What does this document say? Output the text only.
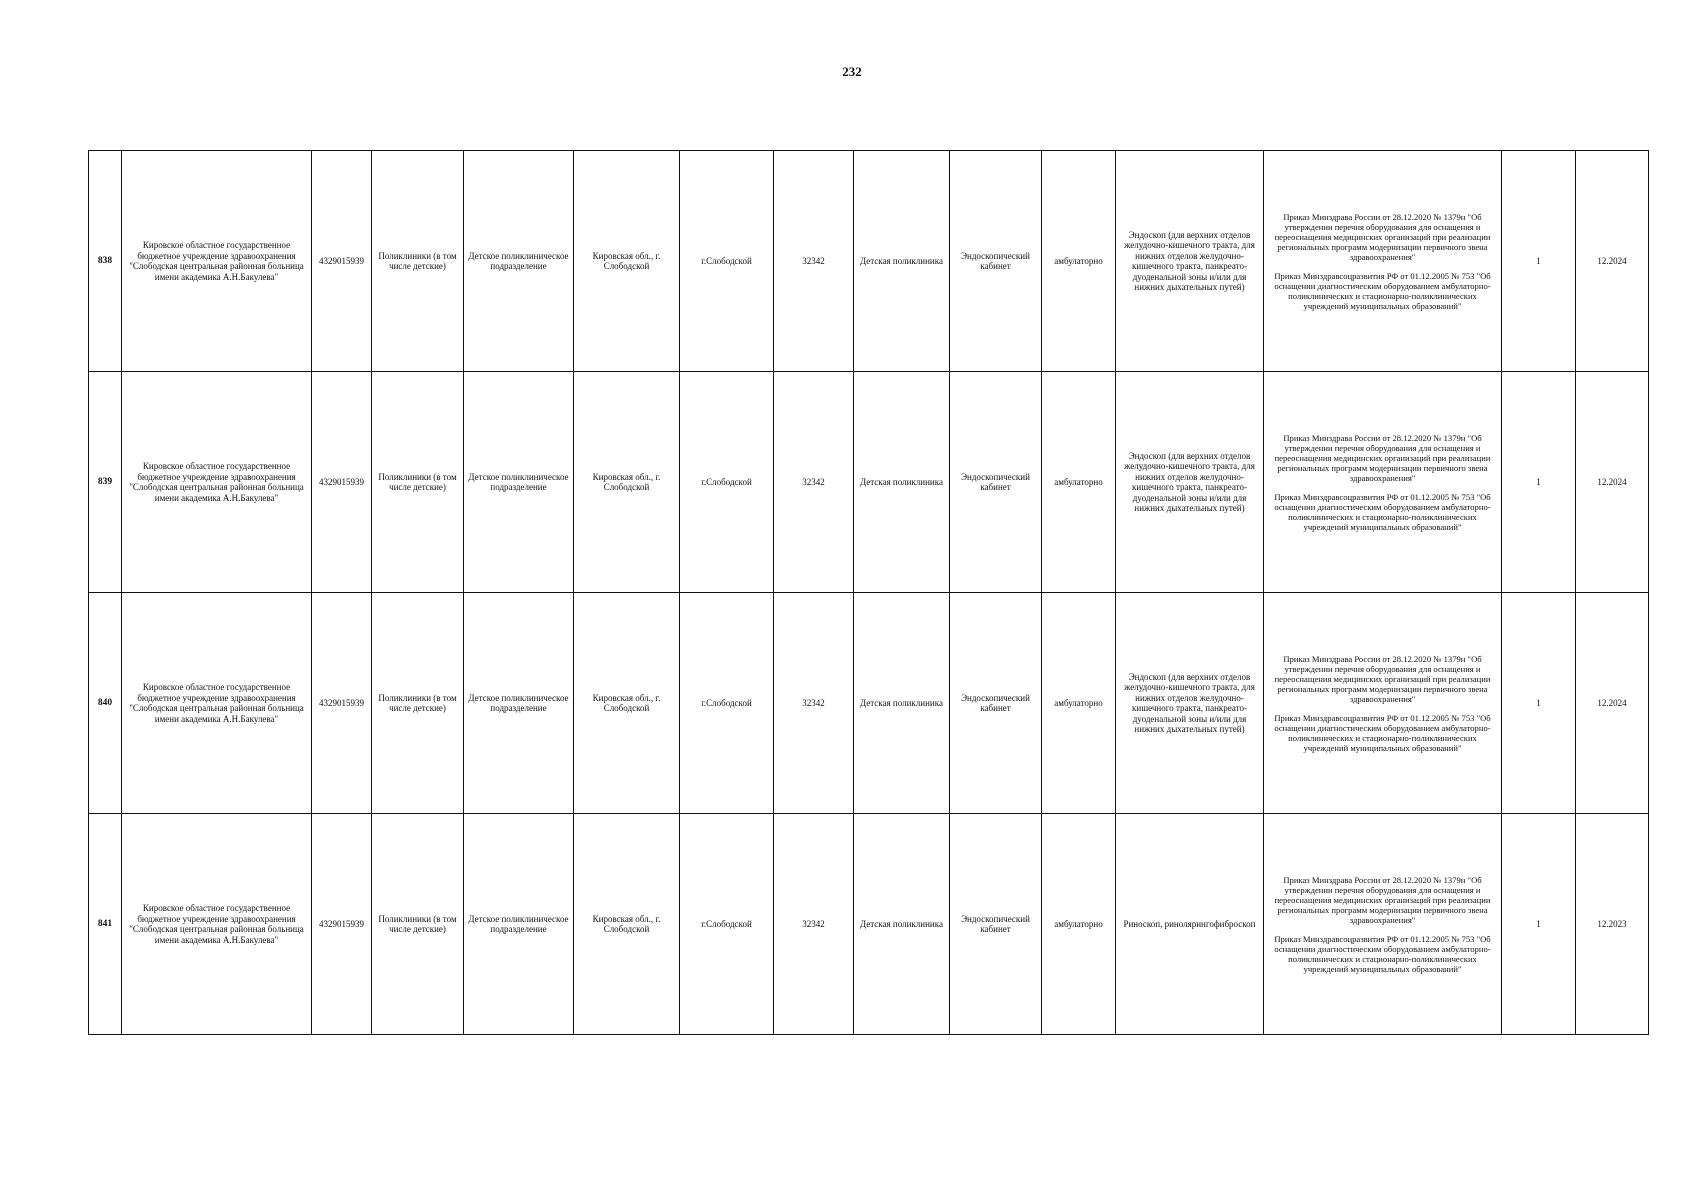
232
838	Кировское областное государственное бюджетное учреждение здравоохранения "Слободская центральная районная больница имени академика А.Н.Бакулева"	4329015939	Поликлиники (в том числе детские)	Детское поликлиническое подразделение	Кировская обл., г. Слободской	г.Слободской	32342	Детская поликлиника	Эндоскопический кабинет	амбулаторно	Эндоскоп (для верхних отделов желудочно-кишечного тракта, для нижних отделов желудочно-кишечного тракта, панкреато-дуоденальной зоны и/или для нижних дыхательных путей)	Приказ Минздрава России от 28.12.2020 № 1379н "Об утверждении перечня оборудования для оснащения и переоснащения медицинских организаций при реализации региональных программ модернизации первичного звена здравоохранения"
Приказ Минздравсоцразвития РФ от 01.12.2005 № 753 "Об оснащении диагностическим оборудованием амбулаторно-поликлинических и стационарно-поликлинических учреждений муниципальных образований"	1	12.2024
839	Кировское областное государственное бюджетное учреждение здравоохранения "Слободская центральная районная больница имени академика А.Н.Бакулева"	4329015939	Поликлиники (в том числе детские)	Детское поликлиническое подразделение	Кировская обл., г. Слободской	г.Слободской	32342	Детская поликлиника	Эндоскопический кабинет	амбулаторно	Эндоскоп (для верхних отделов желудочно-кишечного тракта, для нижних отделов желудочно-кишечного тракта, панкреато-дуоденальной зоны и/или для нижних дыхательных путей)	Приказ Минздрава России от 28.12.2020 № 1379н "Об утверждении перечня оборудования для оснащения и переоснащения медицинских организаций при реализации региональных программ модернизации первичного звена здравоохранения"
Приказ Минздравсоцразвития РФ от 01.12.2005 № 753 "Об оснащении диагностическим оборудованием амбулаторно-поликлинических и стационарно-поликлинических учреждений муниципальных образований"	1	12.2024
840	Кировское областное государственное бюджетное учреждение здравоохранения "Слободская центральная районная больница имени академика А.Н.Бакулева"	4329015939	Поликлиники (в том числе детские)	Детское поликлиническое подразделение	Кировская обл., г. Слободской	г.Слободской	32342	Детская поликлиника	Эндоскопический кабинет	амбулаторно	Эндоскоп (для верхних отделов желудочно-кишечного тракта, для нижних отделов желудочно-кишечного тракта, панкреато-дуоденальной зоны и/или для нижних дыхательных путей)	Приказ Минздрава России от 28.12.2020 № 1379н "Об утверждении перечня оборудования для оснащения и переоснащения медицинских организаций при реализации региональных программ модернизации первичного звена здравоохранения"
Приказ Минздравсоцразвития РФ от 01.12.2005 № 753 "Об оснащении диагностическим оборудованием амбулаторно-поликлинических и стационарно-поликлинических учреждений муниципальных образований"	1	12.2024
841	Кировское областное государственное бюджетное учреждение здравоохранения "Слободская центральная районная больница имени академика А.Н.Бакулева"	4329015939	Поликлиники (в том числе детские)	Детское поликлиническое подразделение	Кировская обл., г. Слободской	г.Слободской	32342	Детская поликлиника	Эндоскопический кабинет	амбулаторно	Риноскоп, ринолярингофиброскоп	Приказ Минздрава России от 28.12.2020 № 1379н "Об утверждении перечня оборудования для оснащения и переоснащения медицинских организаций при реализации региональных программ модернизации первичного звена здравоохранения"
Приказ Минздравсоцразвития РФ от 01.12.2005 № 753 "Об оснащении диагностическим оборудованием амбулаторно-поликлинических и стационарно-поликлинических учреждений муниципальных образований"	1	12.2023
